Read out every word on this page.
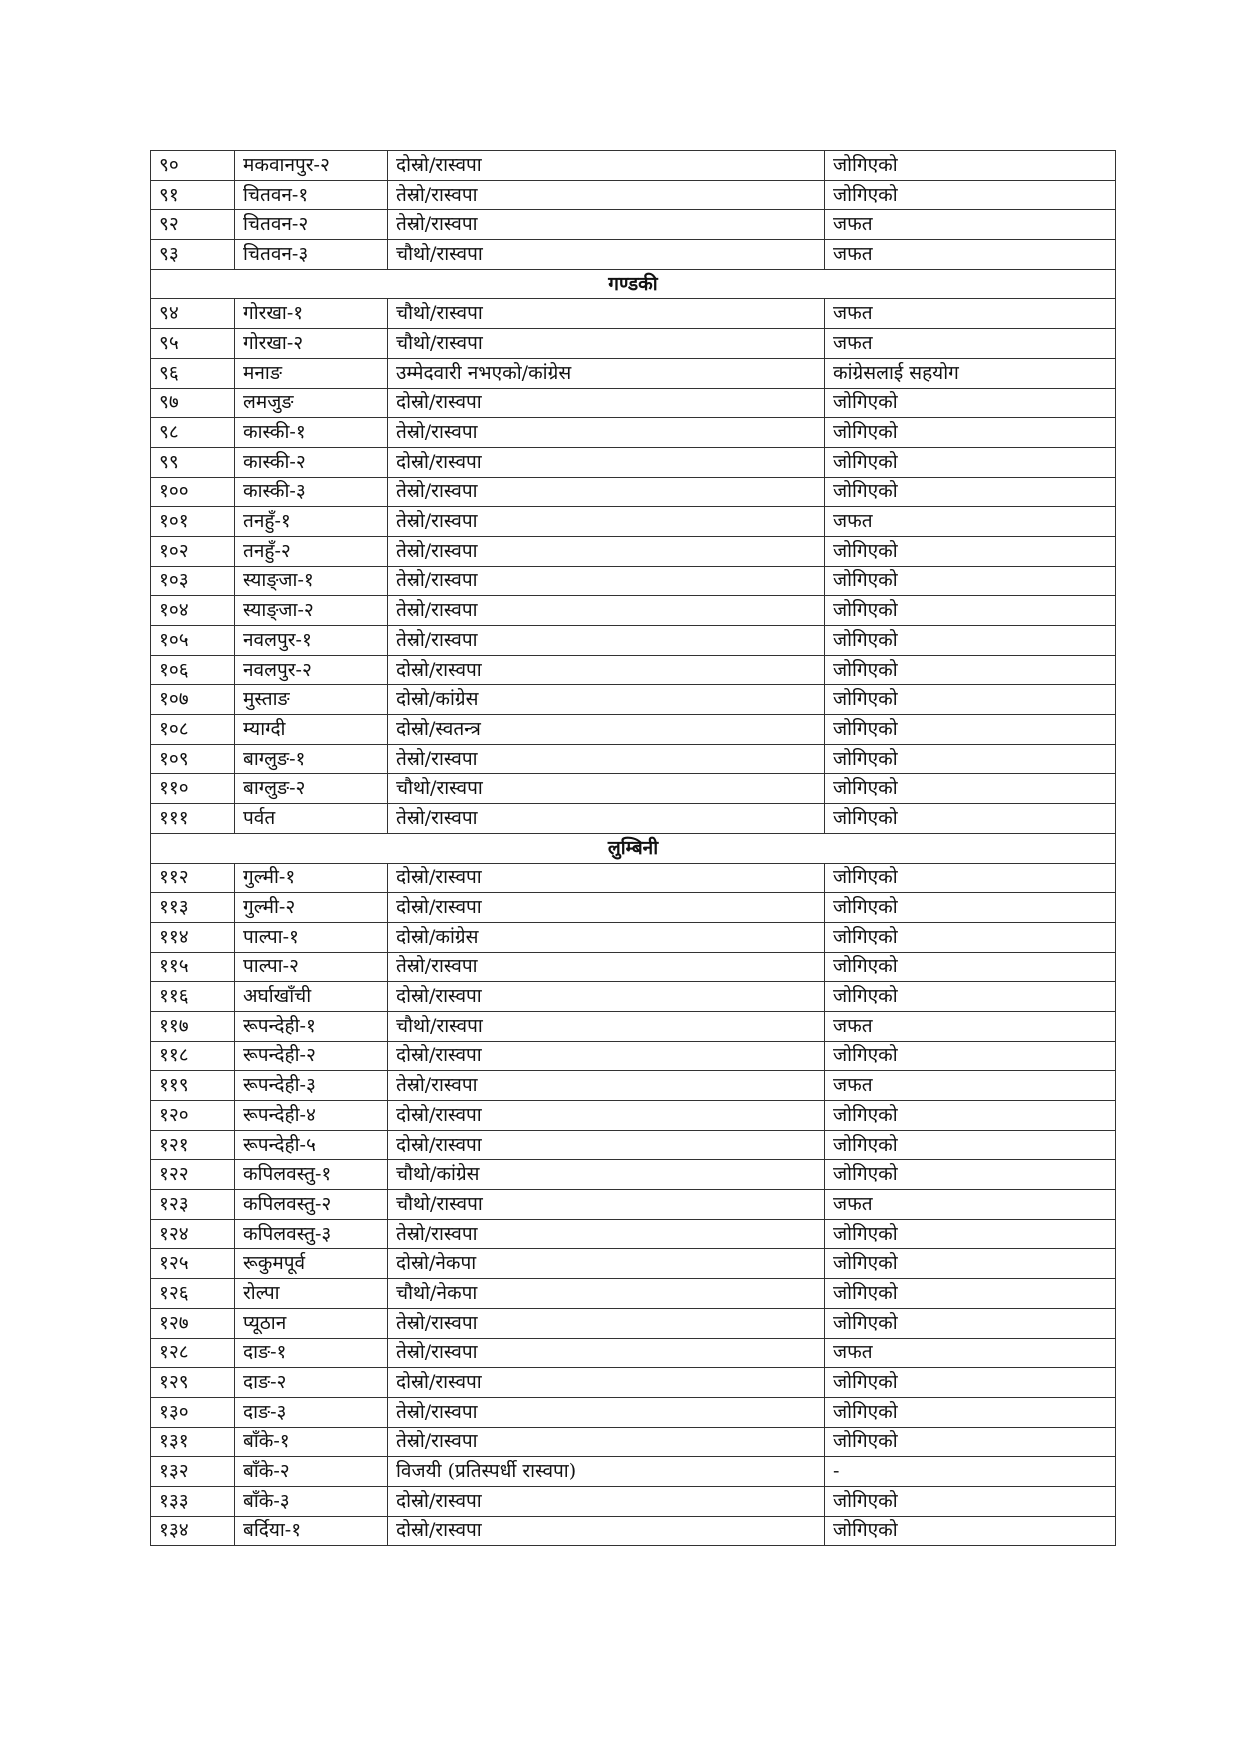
९०	मकवानपुर-२	दोस्रो/रास्वपा	जोगिएको
९१	चितवन-१	तेस्रो/रास्वपा	जोगिएको
९२	चितवन-२	तेस्रो/रास्वपा	जफत
९३	चितवन-३	चौथो/रास्वपा	जफत
गण्डकी			
९४	गोरखा-१	चौथो/रास्वपा	जफत
९५	गोरखा-२	चौथो/रास्वपा	जफत
९६	मनाङ	उम्मेदवारी नभएको/कांग्रेस	कांग्रेसलाई सहयोग
९७	लमजुङ	दोस्रो/रास्वपा	जोगिएको
९८	कास्की-१	तेस्रो/रास्वपा	जोगिएको
९९	कास्की-२	दोस्रो/रास्वपा	जोगिएको
१००	कास्की-३	तेस्रो/रास्वपा	जोगिएको
१०१	तनहुँ-१	तेस्रो/रास्वपा	जफत
१०२	तनहुँ-२	तेस्रो/रास्वपा	जोगिएको
१०३	स्याङ्जा-१	तेस्रो/रास्वपा	जोगिएको
१०४	स्याङ्जा-२	तेस्रो/रास्वपा	जोगिएको
१०५	नवलपुर-१	तेस्रो/रास्वपा	जोगिएको
१०६	नवलपुर-२	दोस्रो/रास्वपा	जोगिएको
१०७	मुस्ताङ	दोस्रो/कांग्रेस	जोगिएको
१०८	म्याग्दी	दोस्रो/स्वतन्त्र	जोगिएको
१०९	बाग्लुङ-१	तेस्रो/रास्वपा	जोगिएको
११०	बाग्लुङ-२	चौथो/रास्वपा	जोगिएको
१११	पर्वत	तेस्रो/रास्वपा	जोगिएको
लुम्बिनी			
११२	गुल्मी-१	दोस्रो/रास्वपा	जोगिएको
११३	गुल्मी-२	दोस्रो/रास्वपा	जोगिएको
११४	पाल्पा-१	दोस्रो/कांग्रेस	जोगिएको
११५	पाल्पा-२	तेस्रो/रास्वपा	जोगिएको
११६	अर्घाखाँची	दोस्रो/रास्वपा	जोगिएको
११७	रूपन्देही-१	चौथो/रास्वपा	जफत
११८	रूपन्देही-२	दोस्रो/रास्वपा	जोगिएको
११९	रूपन्देही-३	तेस्रो/रास्वपा	जफत
१२०	रूपन्देही-४	दोस्रो/रास्वपा	जोगिएको
१२१	रूपन्देही-५	दोस्रो/रास्वपा	जोगिएको
१२२	कपिलवस्तु-१	चौथो/कांग्रेस	जोगिएको
१२३	कपिलवस्तु-२	चौथो/रास्वपा	जफत
१२४	कपिलवस्तु-३	तेस्रो/रास्वपा	जोगिएको
१२५	रूकुमपूर्व	दोस्रो/नेकपा	जोगिएको
१२६	रोल्पा	चौथो/नेकपा	जोगिएको
१२७	प्यूठान	तेस्रो/रास्वपा	जोगिएको
१२८	दाङ-१	तेस्रो/रास्वपा	जफत
१२९	दाङ-२	दोस्रो/रास्वपा	जोगिएको
१३०	दाङ-३	तेस्रो/रास्वपा	जोगिएको
१३१	बाँके-१	तेस्रो/रास्वपा	जोगिएको
१३२	बाँके-२	विजयी (प्रतिस्पर्धी रास्वपा)	-
१३३	बाँके-३	दोस्रो/रास्वपा	जोगिएको
१३४	बर्दिया-१	दोस्रो/रास्वपा	जोगिएको
